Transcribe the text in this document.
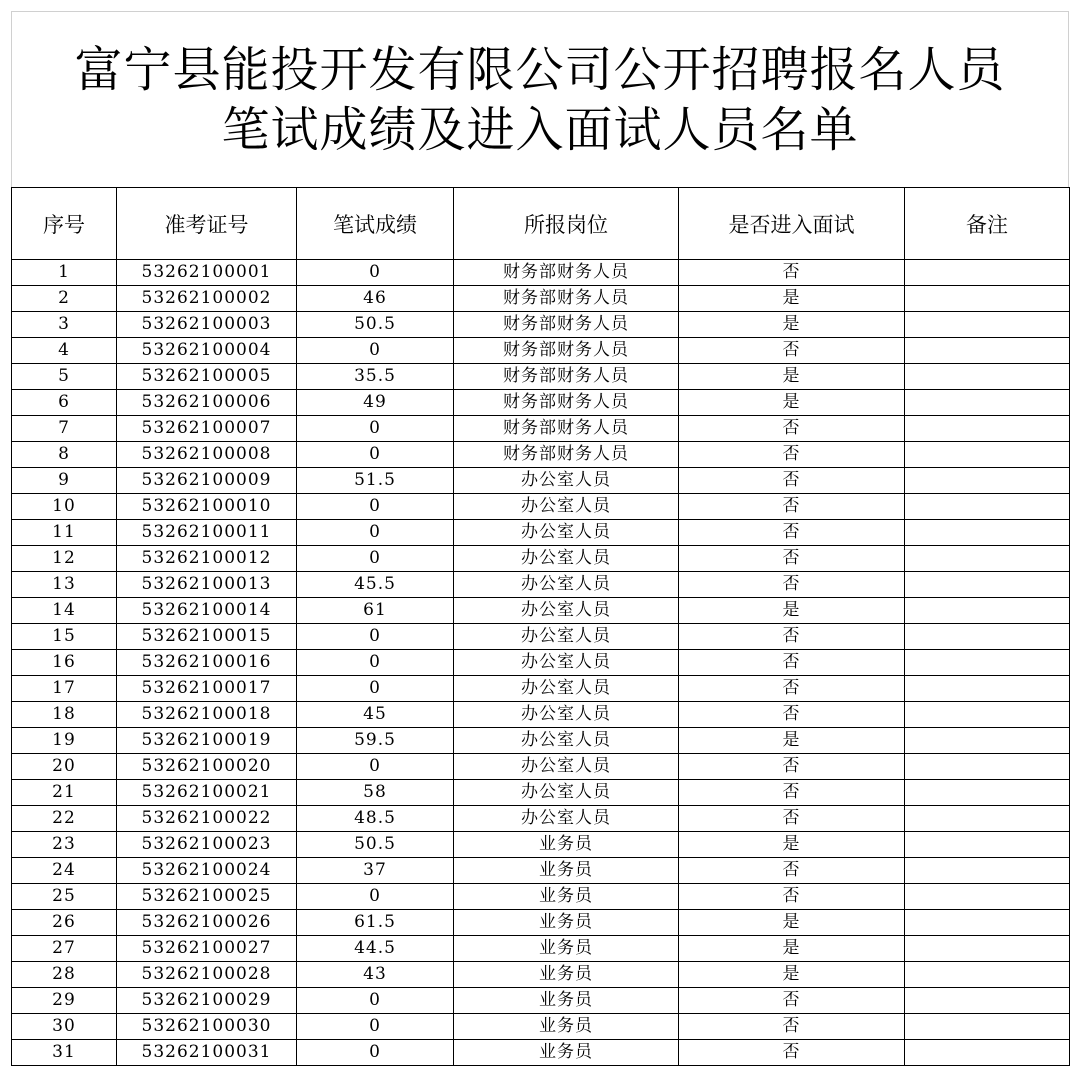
富宁县能投开发有限公司公开招聘报名人员
笔试成绩及进入面试人员名单
序号	准考证号	笔试成绩	所报岗位	是否进入面试	备注
1	53262100001	0	财务部财务人员	否	
2	53262100002	46	财务部财务人员	是	
3	53262100003	50.5	财务部财务人员	是	
4	53262100004	0	财务部财务人员	否	
5	53262100005	35.5	财务部财务人员	是	
6	53262100006	49	财务部财务人员	是	
7	53262100007	0	财务部财务人员	否	
8	53262100008	0	财务部财务人员	否	
9	53262100009	51.5	办公室人员	否	
10	53262100010	0	办公室人员	否	
11	53262100011	0	办公室人员	否	
12	53262100012	0	办公室人员	否	
13	53262100013	45.5	办公室人员	否	
14	53262100014	61	办公室人员	是	
15	53262100015	0	办公室人员	否	
16	53262100016	0	办公室人员	否	
17	53262100017	0	办公室人员	否	
18	53262100018	45	办公室人员	否	
19	53262100019	59.5	办公室人员	是	
20	53262100020	0	办公室人员	否	
21	53262100021	58	办公室人员	否	
22	53262100022	48.5	办公室人员	否	
23	53262100023	50.5	业务员	是	
24	53262100024	37	业务员	否	
25	53262100025	0	业务员	否	
26	53262100026	61.5	业务员	是	
27	53262100027	44.5	业务员	是	
28	53262100028	43	业务员	是	
29	53262100029	0	业务员	否	
30	53262100030	0	业务员	否	
31	53262100031	0	业务员	否	
